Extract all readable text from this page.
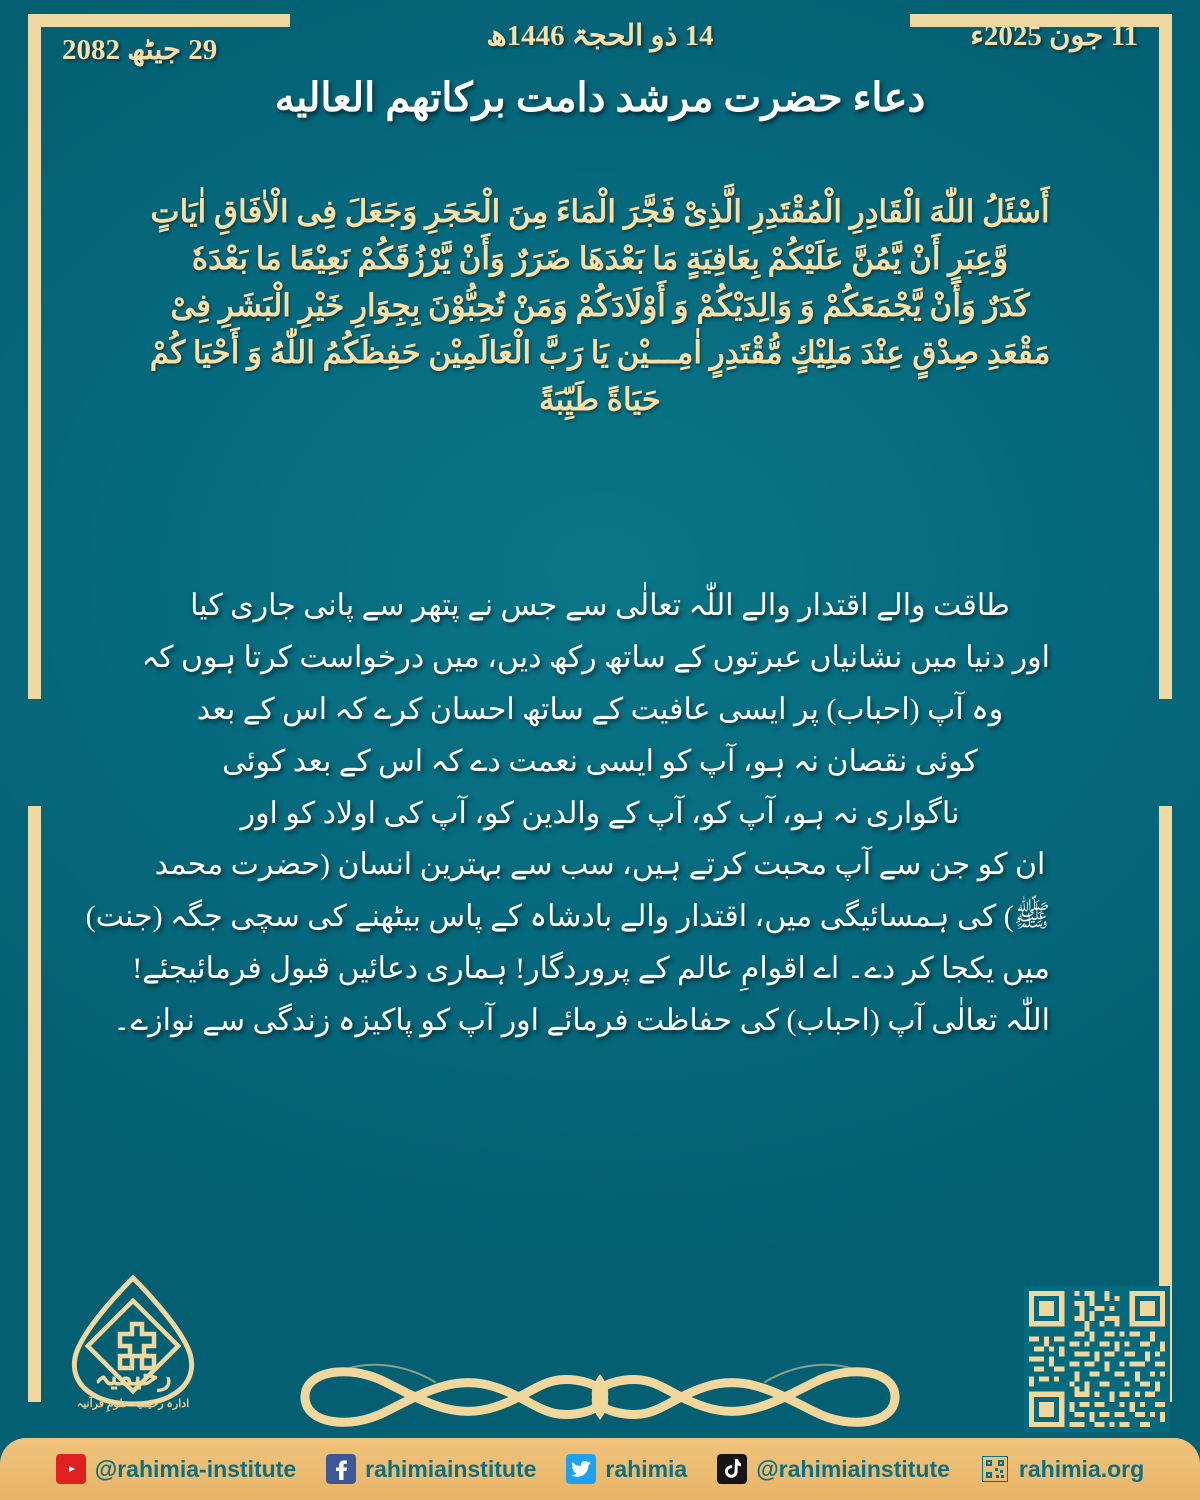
29 جیٹھ 2082	14 ذو الحجۃ 1446ھ	11 جون 2025ء
دعاء حضرت مرشد دامت برکاتهم العالیه
أَسْئَلُ اللّٰهَ الْقَادِرِ الْمُقْتَدِرِ الَّذِىْ فَجَّرَ الْمَاءَ مِنَ الْحَجَرِ وَجَعَلَ فِى الْاٰفَاقِ اٰيَاتٍ
وَّعِبَرٍ أَنْ يَّمُنَّ عَلَيْكُمْ بِعَافِيَةٍ مَا بَعْدَهَا ضَرَرٌ وَأَنْ يَّرْزُقَكُمْ نَعِيْمًا مَا بَعْدَهٗ
كَدَرٌ وَأَنْ يَّجْمَعَكُمْ وَ وَالِدَيْكُمْ وَ أَوْلَادَكُمْ وَمَنْ تُحِبُّوْنَ بِجِوَارِ خَيْرِ الْبَشَرِ فِىْ
مَقْعَدِ صِدْقٍ عِنْدَ مَلِيْكٍ مُّقْتَدِرٍ اٰمِـــيْن يَا رَبَّ الْعَالَمِيْن حَفِظَكُمُ اللّٰهُ وَ أَحْيَا كُمْ
حَيَاةً طَيِّبَةً
طاقت والے اقتدار والے اللّٰہ تعالٰی سے جس نے پتھر سے پانی جاری کیا
اور دنیا میں نشانیاں عبرتوں کے ساتھ رکھ دیں، میں درخواست کرتا ہوں کہ
وہ آپ (احباب) پر ایسی عافیت کے ساتھ احسان کرے کہ اس کے بعد
کوئی نقصان نہ ہو، آپ کو ایسی نعمت دے کہ اس کے بعد کوئی
ناگواری نہ ہو، آپ کو، آپ کے والدین کو، آپ کی اولاد کو اور
ان کو جن سے آپ محبت کرتے ہیں، سب سے بہترین انسان (حضرت محمد
ﷺ) کی ہمسائیگی میں، اقتدار والے بادشاہ کے پاس بیٹھنے کی سچی جگہ (جنت)
میں یکجا کر دے۔ اے اقوامِ عالم کے پروردگار! ہماری دعائیں قبول فرمائیجئے!
اللّٰہ تعالٰی آپ (احباب) کی حفاظت فرمائے اور آپ کو پاکیزہ زندگی سے نوازے۔
رحیمیہ
ادارہ رحیمیہ علومِ قرآنیہ
@rahimia-institute	rahimiainstitute	rahimia	@rahimiainstitute	rahimia.org
